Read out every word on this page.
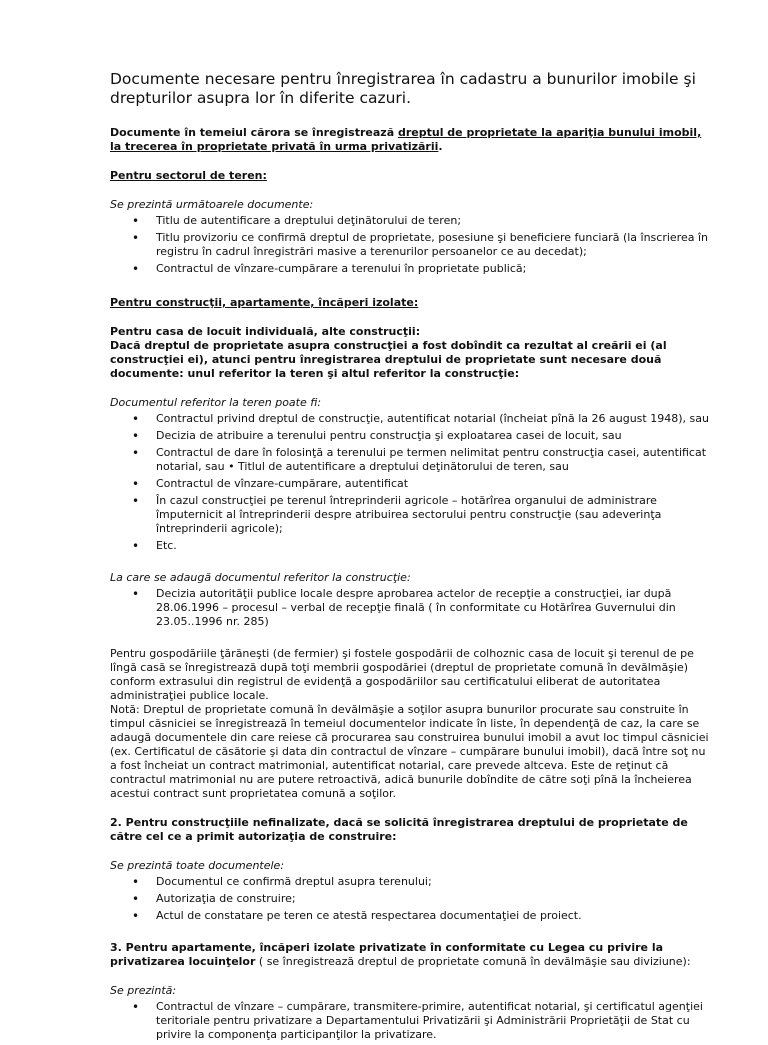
Documente necesare pentru înregistrarea în cadastru a bunurilor imobile şi drepturilor asupra lor în diferite cazuri.

Documente în temeiul cărora se înregistrează dreptul de proprietate la apariţia bunului imobil, la trecerea în proprietate privată în urma privatizării.

Pentru sectorul de teren:

Se prezintă următoarele documente:

• Titlu de autentificare a dreptului deţinătorului de teren;
• Titlu provizoriu ce confirmă dreptul de proprietate, posesiune şi beneficiere funciară (la înscrierea în registru în cadrul înregistrări masive a terenurilor persoanelor ce au decedat);
• Contractul de vînzare-cumpărare a terenului în proprietate publică;

Pentru construcţii, apartamente, încăperi izolate:

Pentru casa de locuit individuală, alte construcţii:

Dacă dreptul de proprietate asupra construcţiei a fost dobîndit ca rezultat al creării ei (al construcţiei ei), atunci pentru înregistrarea dreptului de proprietate sunt necesare două documente: unul referitor la teren şi altul referitor la construcţie:

Documentul referitor la teren poate fi:

• Contractul privind dreptul de construcţie, autentificat notarial (încheiat pînă la 26 august 1948), sau
• Decizia de atribuire a terenului pentru construcţia şi exploatarea casei de locuit, sau
• Contractul de dare în folosinţă a terenului pe termen nelimitat pentru construcţia casei, autentificat notarial, sau • Titlul de autentificare a dreptului deţinătorului de teren, sau
• Contractul de vînzare-cumpărare, autentificat
• În cazul construcţiei pe terenul întreprinderii agricole – hotărîrea organului de administrare împuternicit al întreprinderii despre atribuirea sectorului pentru construcţie (sau adeverinţa întreprinderii agricole);
• Etc.

La care se adaugă documentul referitor la construcţie:

• Decizia autorităţii publice locale despre aprobarea actelor de recepţie a construcţiei, iar după 28.06.1996 – procesul – verbal de recepţie finală ( în conformitate cu Hotărîrea Guvernului din 23.05..1996 nr. 285)

Pentru gospodăriile ţărăneşti (de fermier) şi fostele gospodării de colhoznic casa de locuit şi terenul de pe lîngă casă se înregistrează după toţi membrii gospodăriei (dreptul de proprietate comună în devălmăşie) conform extrasului din registrul de evidenţă a gospodăriilor sau certificatului eliberat de autoritatea administraţiei publice locale.

Notă: Dreptul de proprietate comună în devălmăşie a soţilor asupra bunurilor procurate sau construite în timpul căsniciei se înregistrează în temeiul documentelor indicate în liste, în dependenţă de caz, la care se adaugă documentele din care reiese că procurarea sau construirea bunului imobil a avut loc timpul căsniciei (ex. Certificatul de căsătorie şi data din contractul de vînzare – cumpărare bunului imobil), dacă între soţ nu a fost încheiat un contract matrimonial, autentificat notarial, care prevede altceva. Este de reţinut că contractul matrimonial nu are putere retroactivă, adică bunurile dobîndite de către soţi pînă la încheierea acestui contract sunt proprietatea comună a soţilor.

2. Pentru construcţiile nefinalizate, dacă se solicită înregistrarea dreptului de proprietate de către cel ce a primit autorizaţia de construire:

Se prezintă toate documentele:

• Documentul ce confirmă dreptul asupra terenului;
• Autorizaţia de construire;
• Actul de constatare pe teren ce atestă respectarea documentaţiei de proiect.

3. Pentru apartamente, încăperi izolate privatizate în conformitate cu Legea cu privire la privatizarea locuinţelor ( se înregistrează dreptul de proprietate comună în devălmăşie sau diviziune):

Se prezintă:

• Contractul de vînzare – cumpărare, transmitere-primire, autentificat notarial, şi certificatul agenţiei teritoriale pentru privatizare a Departamentului Privatizării şi Administrării Proprietăţii de Stat cu privire la componenţa participanţilor la privatizare.
